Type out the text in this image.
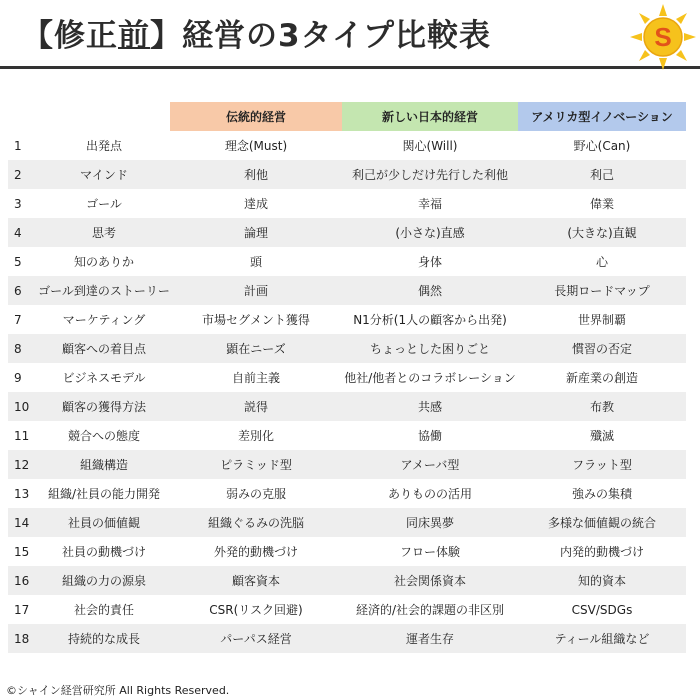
【修正前】経営の3タイプ比較表	S
		伝統的経営	新しい日本的経営	アメリカ型イノベーション
1	出発点	理念(Must)	関心(Will)	野心(Can)
2	マインド	利他	利己が少しだけ先行した利他	利己
3	ゴール	達成	幸福	偉業
4	思考	論理	(小さな)直感	(大きな)直観
5	知のありか	頭	身体	心
6	ゴール到達のストーリー	計画	偶然	長期ロードマップ
7	マーケティング	市場セグメント獲得	N1分析(1人の顧客から出発)	世界制覇
8	顧客への着目点	顕在ニーズ	ちょっとした困りごと	慣習の否定
9	ビジネスモデル	自前主義	他社/他者とのコラボレーション	新産業の創造
10	顧客の獲得方法	説得	共感	布教
11	競合への態度	差別化	協働	殲滅
12	組織構造	ピラミッド型	アメーバ型	フラット型
13	組織/社員の能力開発	弱みの克服	ありものの活用	強みの集積
14	社員の価値観	組織ぐるみの洗脳	同床異夢	多様な価値観の統合
15	社員の動機づけ	外発的動機づけ	フロー体験	内発的動機づけ
16	組織の力の源泉	顧客資本	社会関係資本	知的資本
17	社会的責任	CSR(リスク回避)	経済的/社会的課題の非区別	CSV/SDGs
18	持続的な成長	パーパス経営	運者生存	ティール組織など
©シャイン経営研究所 All Rights Reserved.
